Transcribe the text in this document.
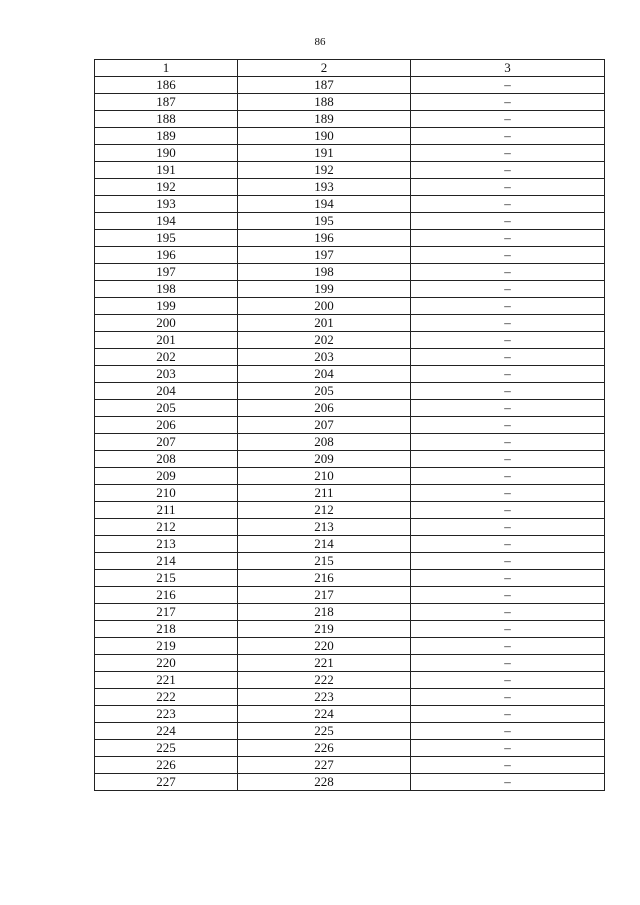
86
1	2	3
186	187	–
187	188	–
188	189	–
189	190	–
190	191	–
191	192	–
192	193	–
193	194	–
194	195	–
195	196	–
196	197	–
197	198	–
198	199	–
199	200	–
200	201	–
201	202	–
202	203	–
203	204	–
204	205	–
205	206	–
206	207	–
207	208	–
208	209	–
209	210	–
210	211	–
211	212	–
212	213	–
213	214	–
214	215	–
215	216	–
216	217	–
217	218	–
218	219	–
219	220	–
220	221	–
221	222	–
222	223	–
223	224	–
224	225	–
225	226	–
226	227	–
227	228	–
